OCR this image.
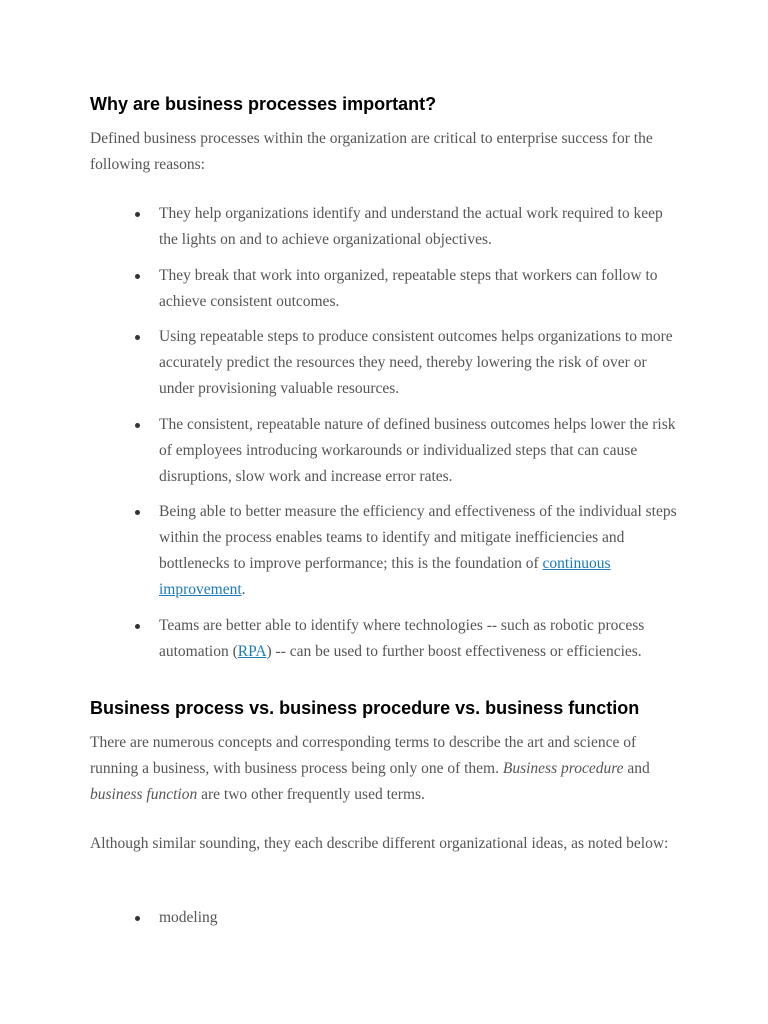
Why are business processes important?

Defined business processes within the organization are critical to enterprise success for the following reasons:

They help organizations identify and understand the actual work required to keep the lights on and to achieve organizational objectives.
They break that work into organized, repeatable steps that workers can follow to achieve consistent outcomes.
Using repeatable steps to produce consistent outcomes helps organizations to more accurately predict the resources they need, thereby lowering the risk of over or under provisioning valuable resources.
The consistent, repeatable nature of defined business outcomes helps lower the risk of employees introducing workarounds or individualized steps that can cause disruptions, slow work and increase error rates.
Being able to better measure the efficiency and effectiveness of the individual steps within the process enables teams to identify and mitigate inefficiencies and bottlenecks to improve performance; this is the foundation of continuous improvement.
Teams are better able to identify where technologies -- such as robotic process automation (RPA) -- can be used to further boost effectiveness or efficiencies.
Business process vs. business procedure vs. business function

There are numerous concepts and corresponding terms to describe the art and science of running a business, with business process being only one of them. Business procedure and business function are two other frequently used terms.

Although similar sounding, they each describe different organizational ideas, as noted below:

modeling
